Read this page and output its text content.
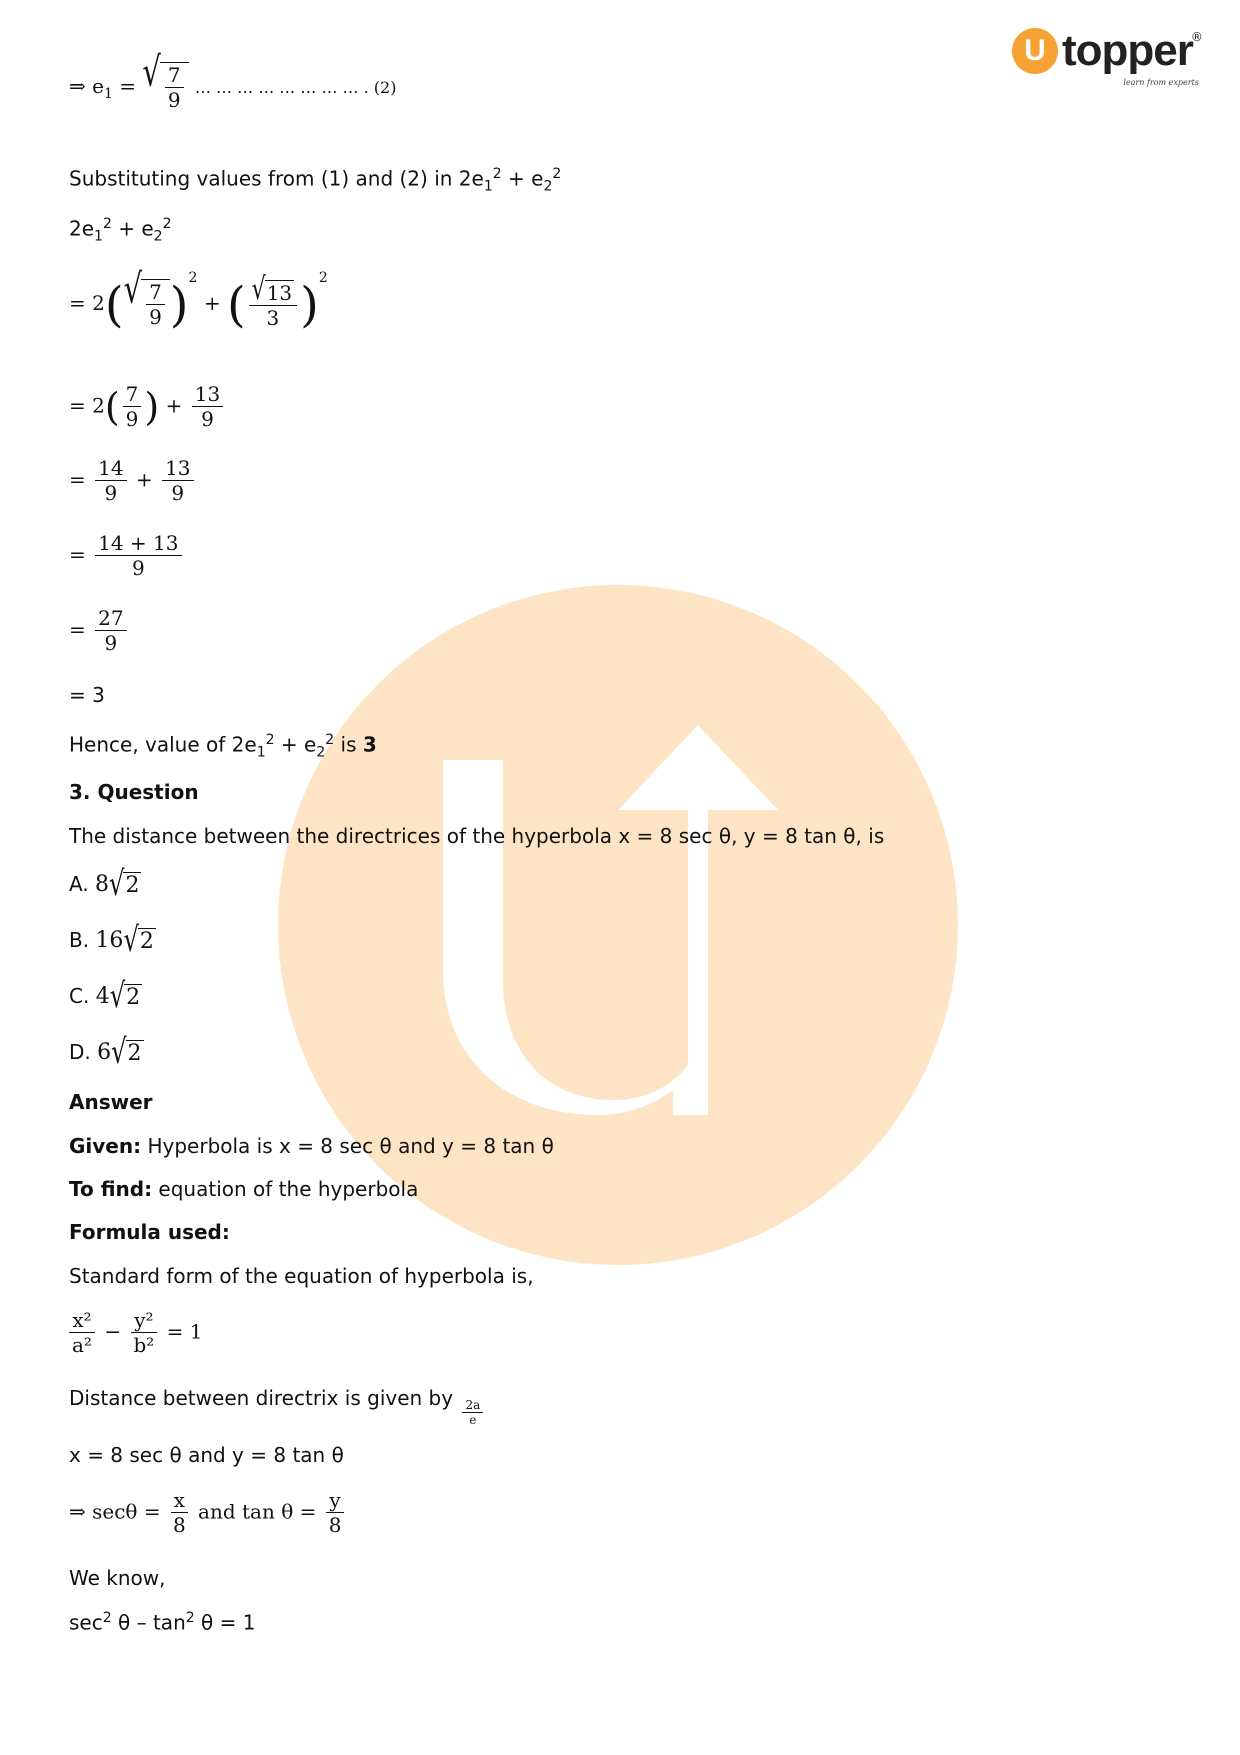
U topper
®
learn from experts
⇒ $e_1$ = √ $\frac{7}{9}$ … … … … … … … … . (2)
Substituting values from (1) and (2) in $2e_1^2 + e_2^2$
$2e_1^2 + e_2^2$
= 2( √ $\frac{7}{9} )^2$ + ( $\frac{√ 13}{3} )^2$
= $2( \frac{7}{9}$ ) + $\frac{13}{9}$
= $\frac{14}{9} + \frac{13}{9}$
= $\frac{14 + 13}{9}$
= $\frac{27}{9}$
= 3
Hence, value of $2e_1^2 + e_2^2$ is 3
3. Question
The distance between the directrices of the hyperbola x = 8 sec θ, y = 8 tan θ, is
A. 8 √ 2
B. 16 √ 2
C. 4 √ 2
D. 6 √ 2
Answer
Given: Hyperbola is x = 8 sec θ and y = 8 tan θ
To find: equation of the hyperbola
Formula used:
Standard form of the equation of hyperbola is,
$\frac{\text{x²}}{\text{a²}} - \frac{\text{y²}}{\text{b²}} = 1$
Distance between directrix is given by $\frac{2a}{e}$
x = 8 sec θ and y = 8 tan θ
⇒ $\sec\theta = \frac{x}{8}$ and $\tan \theta = \frac{y}{8}$
We know,
$\sec^2 \theta - \tan^2 \theta = 1$
